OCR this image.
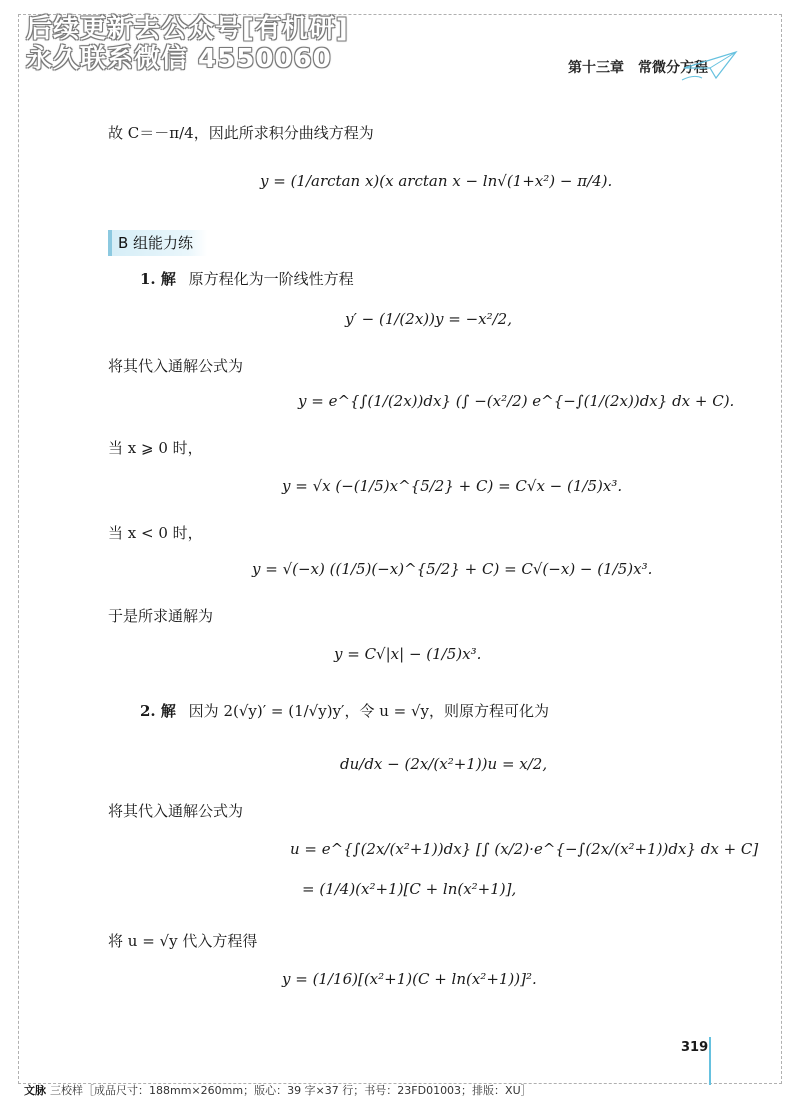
后续更新去公众号[有机研]
永久联系微信 4550060	第十三章　常微分方程
故 C＝－π/4，因此所求积分曲线方程为
y = (1/arctan x)(x arctan x − ln√(1+x²) − π/4).
B 组能力练
1. 解 原方程化为一阶线性方程
y′ − (1/(2x))y = −x²/2,
将其代入通解公式为
y = e^{∫(1/(2x))dx} (∫ −(x²/2) e^{−∫(1/(2x))dx} dx + C).
当 x ⩾ 0 时，
y = √x (−(1/5)x^{5/2} + C) = C√x − (1/5)x³.
当 x < 0 时，
y = √(−x) ((1/5)(−x)^{5/2} + C) = C√(−x) − (1/5)x³.
于是所求通解为
y = C√|x| − (1/5)x³.
2. 解 因为 2(√y)′ = (1/√y)y′，令 u = √y，则原方程可化为
du/dx − (2x/(x²+1))u = x/2,
将其代入通解公式为
u = e^{∫(2x/(x²+1))dx} [∫ (x/2)·e^{−∫(2x/(x²+1))dx} dx + C]
= (1/4)(x²+1)[C + ln(x²+1)],
将 u = √y 代入方程得
y = (1/16)[(x²+1)(C + ln(x²+1))]².
319
文脉 三校样［成品尺寸：188mm×260mm；版心：39 字×37 行；书号：23FD01003；排版：XU］
